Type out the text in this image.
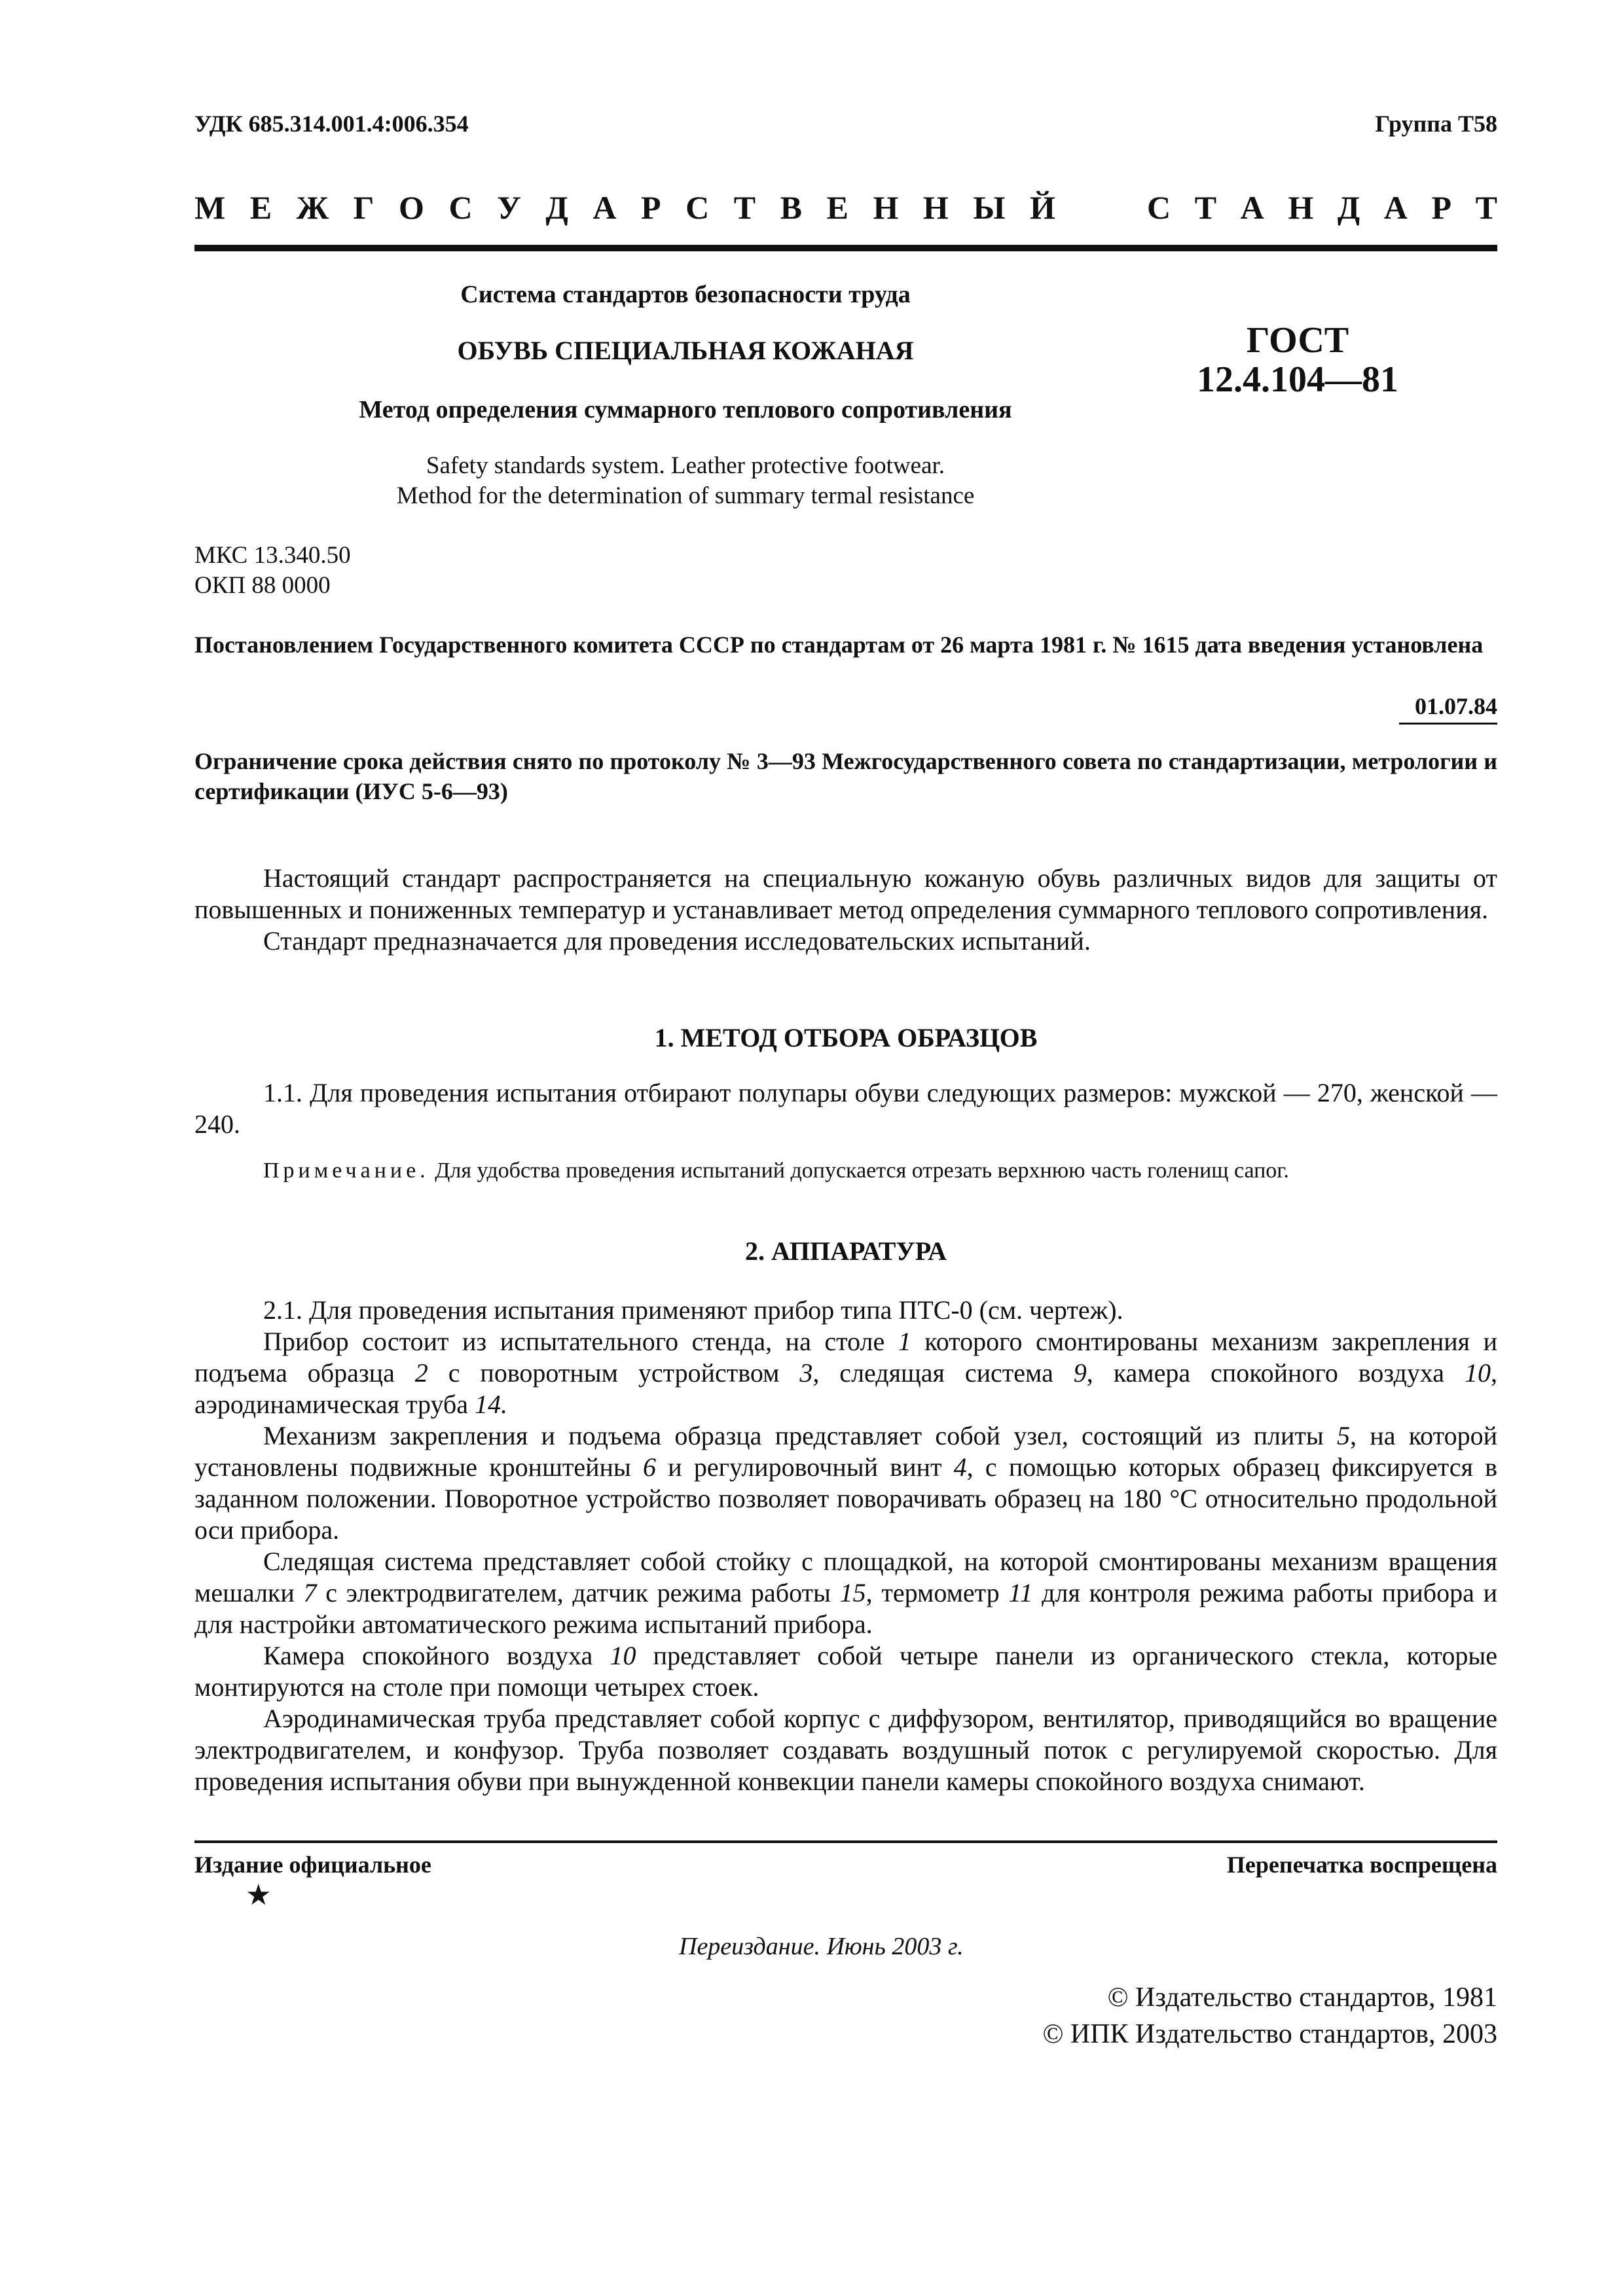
УДК 685.314.001.4:006.354	Группа Т58
М Е Ж Г О С У Д А Р С Т В Е Н Н Ы Й	С Т А Н Д А Р Т
Система стандартов безопасности труда
ОБУВЬ СПЕЦИАЛЬНАЯ КОЖАНАЯ
Метод определения суммарного теплового сопротивления
Safety standards system. Leather protective footwear.
Method for the determination of summary termal resistance
ГОСТ
12.4.104—81
МКС 13.340.50
ОКП 88 0000
Постановлением Государственного комитета СССР по стандартам от 26 марта 1981 г. № 1615 дата введения установлена
01.07.84
Ограничение срока действия снято по протоколу № 3—93 Межгосударственного совета по стандартизации, метрологии и сертификации (ИУС 5-6—93)

Настоящий стандарт распространяется на специальную кожаную обувь различных видов для защиты от повышенных и пониженных температур и устанавливает метод определения суммарного теплового сопротивления.

Стандарт предназначается для проведения исследовательских испытаний.

1. МЕТОД ОТБОРА ОБРАЗЦОВ

1.1. Для проведения испытания отбирают полупары обуви следующих размеров: мужской — 270, женской — 240.

Примечание. Для удобства проведения испытаний допускается отрезать верхнюю часть голенищ сапог.

2. АППАРАТУРА

2.1. Для проведения испытания применяют прибор типа ПТС-0 (см. чертеж).

Прибор состоит из испытательного стенда, на столе 1 которого смонтированы механизм закрепления и подъема образца 2 с поворотным устройством 3, следящая система 9, камера спокойного воздуха 10, аэродинамическая труба 14.

Механизм закрепления и подъема образца представляет собой узел, состоящий из плиты 5, на которой установлены подвижные кронштейны 6 и регулировочный винт 4, с помощью которых образец фиксируется в заданном положении. Поворотное устройство позволяет поворачивать образец на 180 °С относительно продольной оси прибора.

Следящая система представляет собой стойку с площадкой, на которой смонтированы механизм вращения мешалки 7 с электродвигателем, датчик режима работы 15, термометр 11 для контроля режима работы прибора и для настройки автоматического режима испытаний прибора.

Камера спокойного воздуха 10 представляет собой четыре панели из органического стекла, которые монтируются на столе при помощи четырех стоек.

Аэродинамическая труба представляет собой корпус с диффузором, вентилятор, приводящийся во вращение электродвигателем, и конфузор. Труба позволяет создавать воздушный поток с регулируемой скоростью. Для проведения испытания обуви при вынужденной конвекции панели камеры спокойного воздуха снимают.

Издание официальное	Перепечатка воспрещена
★
Переиздание. Июнь 2003 г.
© Издательство стандартов, 1981
© ИПК Издательство стандартов, 2003
